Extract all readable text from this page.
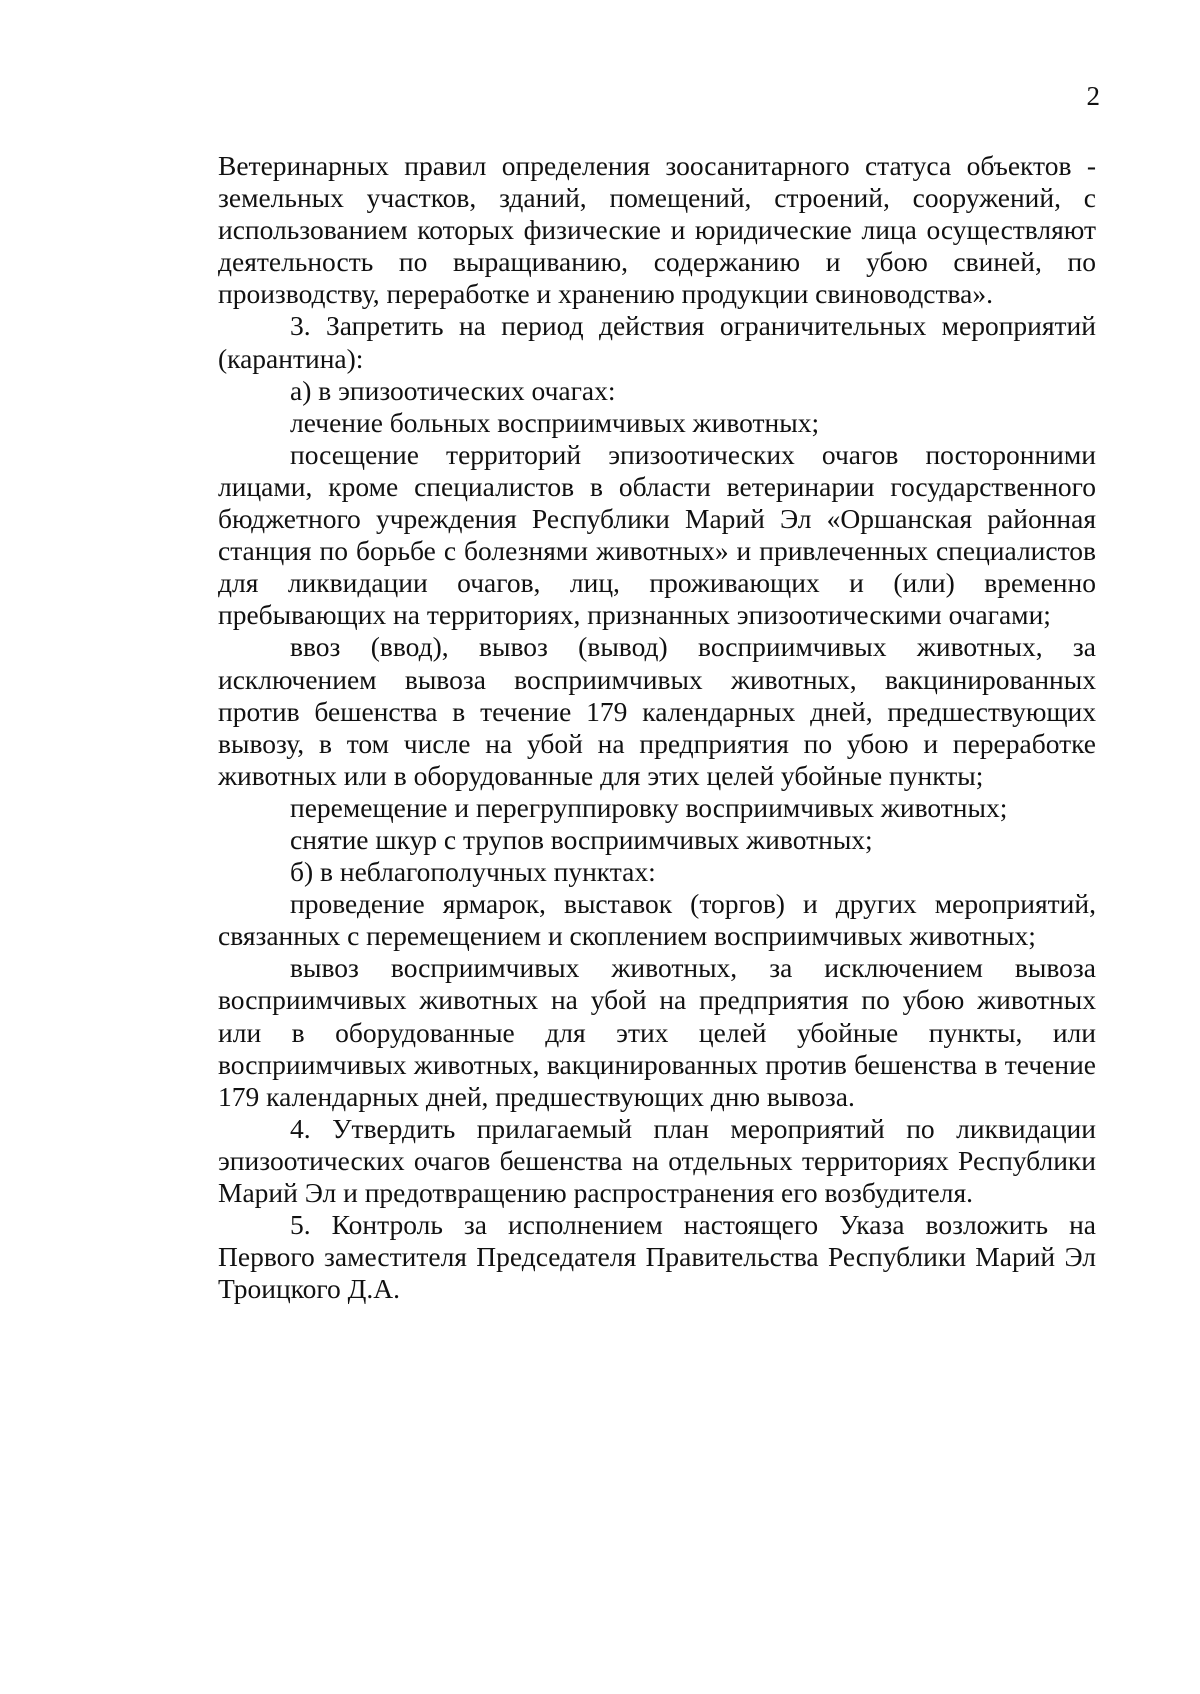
2

Ветеринарных правил определения зоосанитарного статуса объектов - земельных участков, зданий, помещений, строений, сооружений, с использованием которых физические и юридические лица осуществляют деятельность по выращиванию, содержанию и убою свиней, по производству, переработке и хранению продукции свиноводства».

3. Запретить на период действия ограничительных мероприятий (карантина):

а) в эпизоотических очагах:

лечение больных восприимчивых животных;

посещение территорий эпизоотических очагов посторонними лицами, кроме специалистов в области ветеринарии государственного бюджетного учреждения Республики Марий Эл «Оршанская районная станция по борьбе с болезнями животных» и привлеченных специалистов для ликвидации очагов, лиц, проживающих и (или) временно пребывающих на территориях, признанных эпизоотическими очагами;

ввоз (ввод), вывоз (вывод) восприимчивых животных, за исключением вывоза восприимчивых животных, вакцинированных против бешенства в течение 179 календарных дней, предшествующих вывозу, в том числе на убой на предприятия по убою и переработке животных или в оборудованные для этих целей убойные пункты;

перемещение и перегруппировку восприимчивых животных;

снятие шкур с трупов восприимчивых животных;

б) в неблагополучных пунктах:

проведение ярмарок, выставок (торгов) и других мероприятий, связанных с перемещением и скоплением восприимчивых животных;

вывоз восприимчивых животных, за исключением вывоза восприимчивых животных на убой на предприятия по убою животных или в оборудованные для этих целей убойные пункты, или восприимчивых животных, вакцинированных против бешенства в течение 179 календарных дней, предшествующих дню вывоза.

4. Утвердить прилагаемый план мероприятий по ликвидации эпизоотических очагов бешенства на отдельных территориях Республики Марий Эл и предотвращению распространения его возбудителя.

5. Контроль за исполнением настоящего Указа возложить на Первого заместителя Председателя Правительства Республики Марий Эл Троицкого Д.А.
